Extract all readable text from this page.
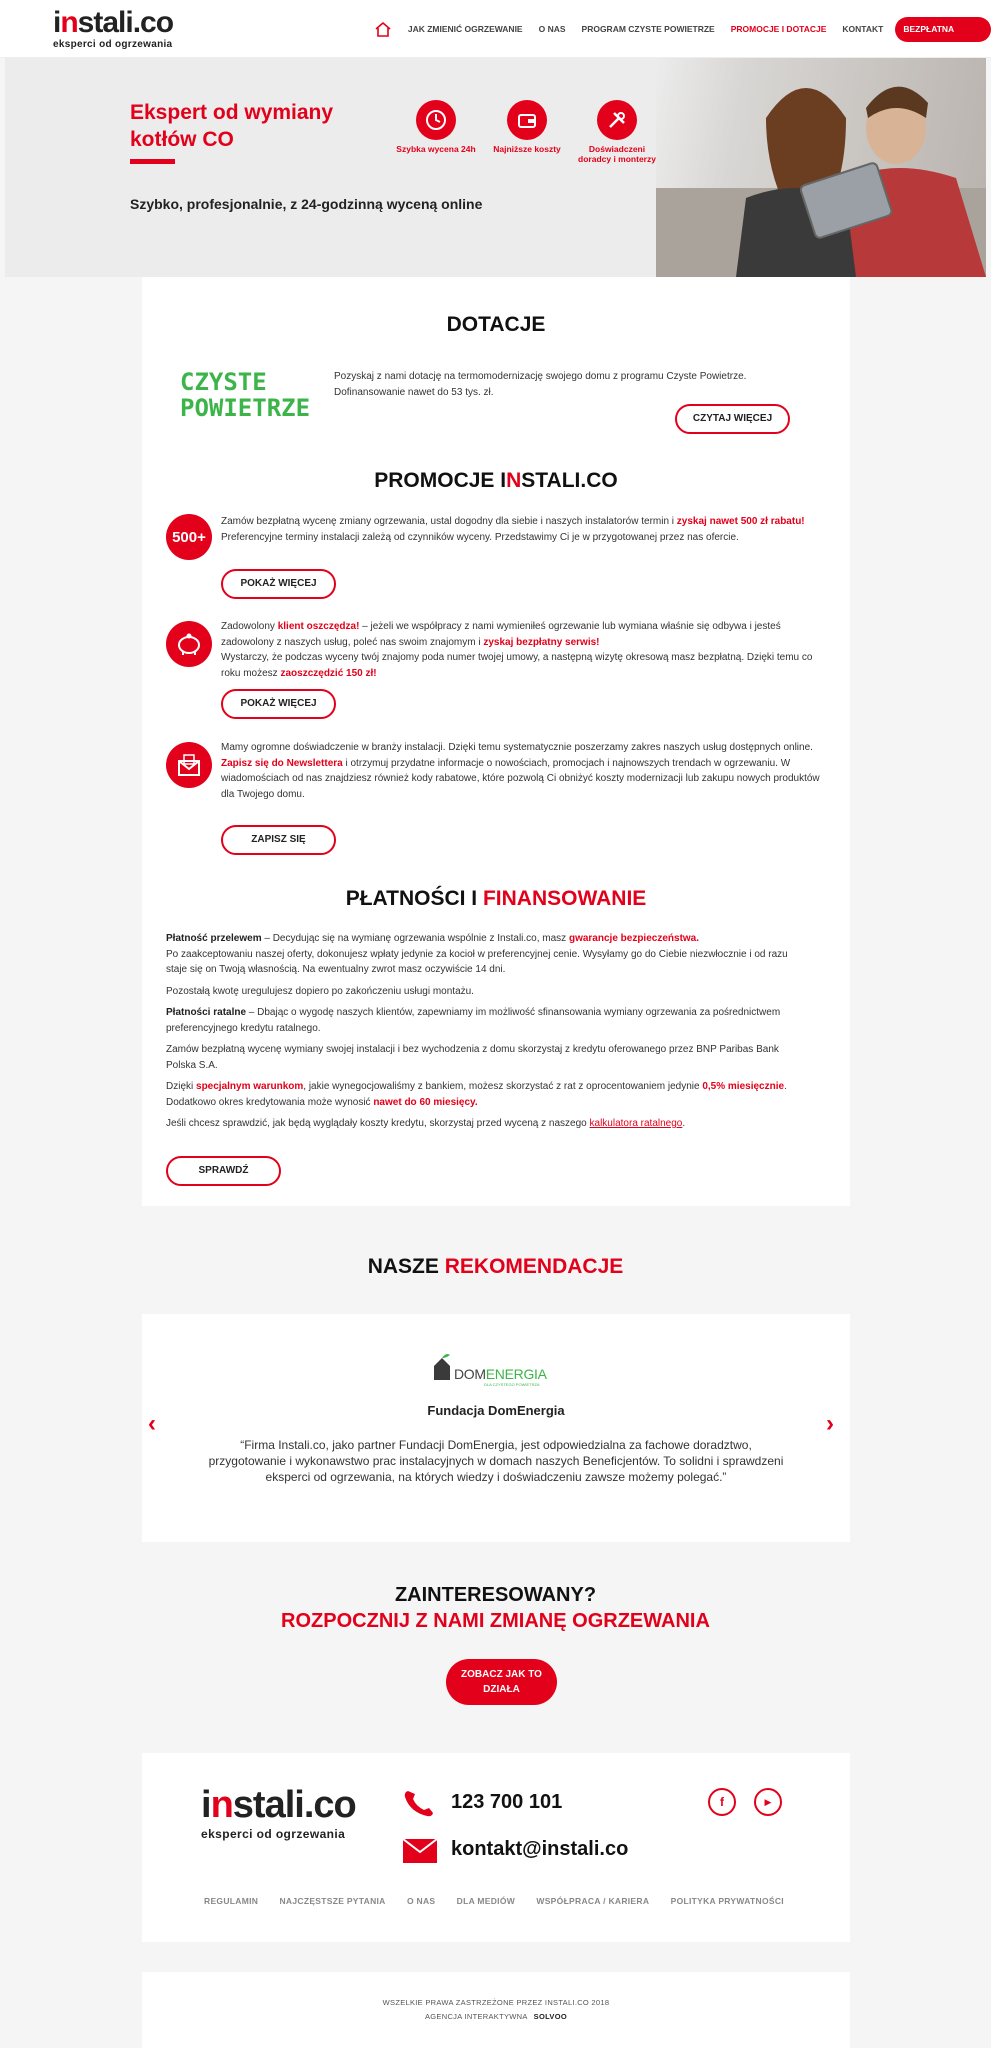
instali.co
eksperci od ogrzewania
JAK ZMIENIĆ OGRZEWANIE O NAS PROGRAM CZYSTE POWIETRZE PROMOCJE I DOTACJE KONTAKT	BEZPŁATNA WYCENA
Ekspert od wymiany kotłów CO
Szybko, profesjonalnie, z 24-godzinną wyceną online
Szybka wycena 24h	Najniższe koszty	Doświadczeni doradcy i monterzy
DOTACJE
CZYSTE
POWIETRZE
Pozyskaj z nami dotację na termomodernizację swojego domu z programu Czyste Powietrze. Dofinansowanie nawet do 53 tys. zł.
CZYTAJ WIĘCEJ
PROMOCJE INSTALI.CO
500+
Zamów bezpłatną wycenę zmiany ogrzewania, ustal dogodny dla siebie i naszych instalatorów termin i zyskaj nawet 500 zł rabatu!
Preferencyjne terminy instalacji zależą od czynników wyceny. Przedstawimy Ci je w przygotowanej przez nas ofercie.
POKAŻ WIĘCEJ
Zadowolony klient oszczędza! – jeżeli we współpracy z nami wymieniłeś ogrzewanie lub wymiana właśnie się odbywa i jesteś zadowolony z naszych usług, poleć nas swoim znajomym i zyskaj bezpłatny serwis!
Wystarczy, że podczas wyceny twój znajomy poda numer twojej umowy, a następną wizytę okresową masz bezpłatną. Dzięki temu co roku możesz zaoszczędzić 150 zł!
POKAŻ WIĘCEJ
Mamy ogromne doświadczenie w branży instalacji. Dzięki temu systematycznie poszerzamy zakres naszych usług dostępnych online.
Zapisz się do Newslettera i otrzymuj przydatne informacje o nowościach, promocjach i najnowszych trendach w ogrzewaniu. W wiadomościach od nas znajdziesz również kody rabatowe, które pozwolą Ci obniżyć koszty modernizacji lub zakupu nowych produktów dla Twojego domu.
ZAPISZ SIĘ
PŁATNOŚCI I FINANSOWANIE
Płatność przelewem – Decydując się na wymianę ogrzewania wspólnie z Instali.co, masz gwarancje bezpieczeństwa.
Po zaakceptowaniu naszej oferty, dokonujesz wpłaty jedynie za kocioł w preferencyjnej cenie. Wysyłamy go do Ciebie niezwłocznie i od razu staje się on Twoją własnością. Na ewentualny zwrot masz oczywiście 14 dni.
Pozostałą kwotę uregulujesz dopiero po zakończeniu usługi montażu.
Płatności ratalne – Dbając o wygodę naszych klientów, zapewniamy im możliwość sfinansowania wymiany ogrzewania za pośrednictwem preferencyjnego kredytu ratalnego.
Zamów bezpłatną wycenę wymiany swojej instalacji i bez wychodzenia z domu skorzystaj z kredytu oferowanego przez BNP Paribas Bank Polska S.A.
Dzięki specjalnym warunkom, jakie wynegocjowaliśmy z bankiem, możesz skorzystać z rat z oprocentowaniem jedynie 0,5% miesięcznie. Dodatkowo okres kredytowania może wynosić nawet do 60 miesięcy.
Jeśli chcesz sprawdzić, jak będą wyglądały koszty kredytu, skorzystaj przed wyceną z naszego kalkulatora ratalnego.
SPRAWDŹ
NASZE REKOMENDACJE
‹	›
DOMENERGIA
DLA CZYSTEGO POWIETRZA
Fundacja DomEnergia
“Firma Instali.co, jako partner Fundacji DomEnergia, jest odpowiedzialna za fachowe doradztwo, przygotowanie i wykonawstwo prac instalacyjnych w domach naszych Beneficjentów. To solidni i sprawdzeni eksperci od ogrzewania, na których wiedzy i doświadczeniu zawsze możemy polegać.”
ZAINTERESOWANY?
ROZPOCZNIJ Z NAMI ZMIANĘ OGRZEWANIA
ZOBACZ JAK TO DZIAŁA
instali.co
eksperci od ogrzewania
123 700 101
kontakt@instali.co
f	▶
REGULAMIN	NAJCZĘSTSZE PYTANIA	O NAS	DLA MEDIÓW	WSPÓŁPRACA / KARIERA	POLITYKA PRYWATNOŚCI
WSZELKIE PRAWA ZASTRZEŻONE PRZEZ INSTALI.CO 2018
AGENCJA INTERAKTYWNA SOLVOO
